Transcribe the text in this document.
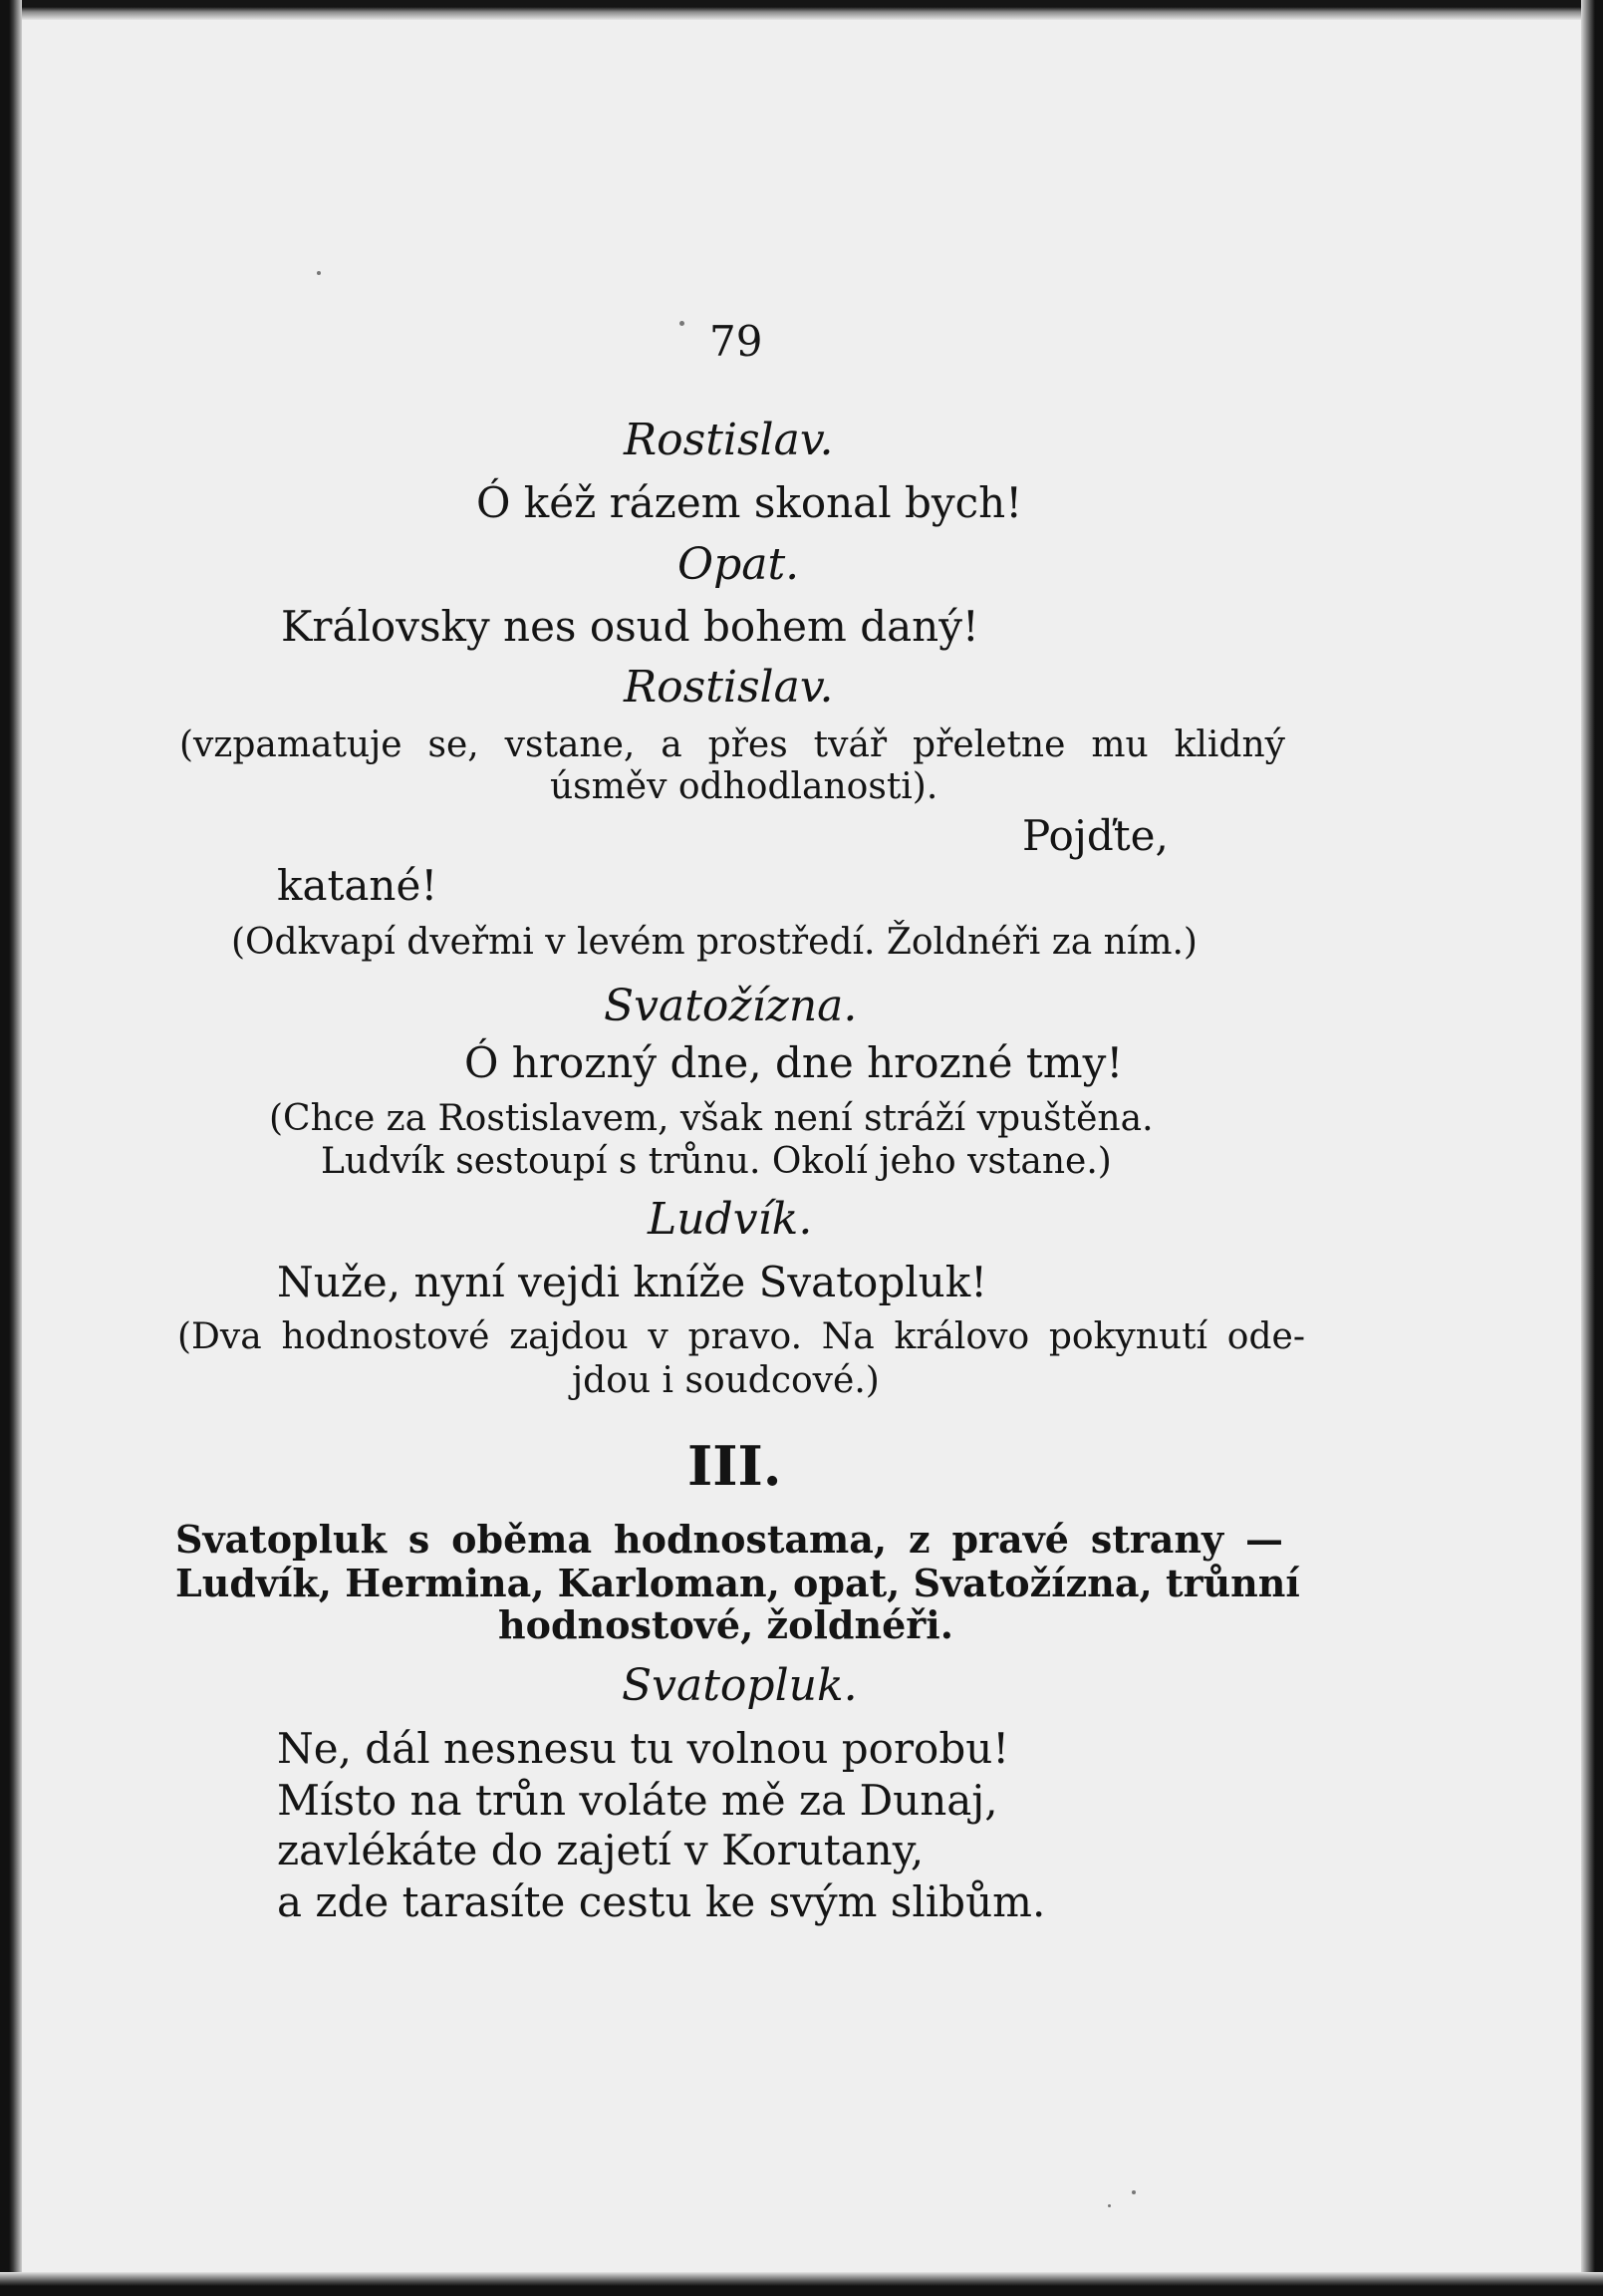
79
Rostislav.
Ó kéž rázem skonal bych!
Opat.
Královsky nes osud bohem daný!
Rostislav.
(vzpamatuje se, vstane, a přes tvář přeletne mu klidný
úsměv odhodlanosti).
Pojďte,
katané!
(Odkvapí dveřmi v levém prostředí. Žoldnéři za ním.)
Svatožízna.
Ó hrozný dne, dne hrozné tmy!
(Chce za Rostislavem, však není stráží vpuštěna.
Ludvík sestoupí s trůnu. Okolí jeho vstane.)
Ludvík.
Nuže, nyní vejdi kníže Svatopluk!
(Dva hodnostové zajdou v pravo. Na královo pokynutí ode-
jdou i soudcové.)
III.
Svatopluk s oběma hodnostama, z pravé strany —
Ludvík, Hermina, Karloman, opat, Svatožízna, trůnní
hodnostové, žoldnéři.
Svatopluk.
Ne, dál nesnesu tu volnou porobu!
Místo na trůn voláte mě za Dunaj,
zavlékáte do zajetí v Korutany,
a zde tarasíte cestu ke svým slibům.
